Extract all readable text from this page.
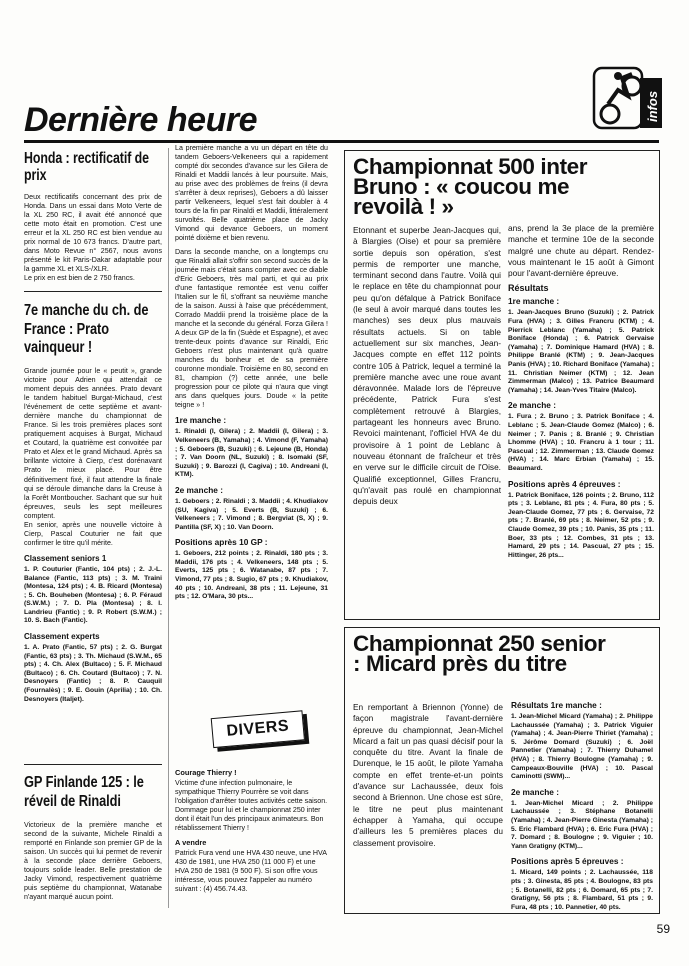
Dernière heure	infos
Honda : rectificatif de prix
Deux rectificatifs concernant des prix de Honda. Dans un essai dans Moto Verte de la XL 250 RC, il avait été annoncé que cette moto était en promotion. C'est une erreur et la XL 250 RC est bien vendue au prix normal de 10 673 francs. D'autre part, dans Moto Revue n° 2567, nous avons présenté le kit Paris-Dakar adaptable pour la gamme XL et XLS-/XLR.
Le prix en est bien de 2 750 francs.
7e manche du ch. de France : Prato vainqueur !
Grande journée pour le « peutit », grande victoire pour Adrien qui attendait ce moment depuis des années. Prato devant le tandem habituel Burgat-Michaud, c'est l'événement de cette septième et avant-dernière manche du championnat de France. Si les trois premières places sont pratiquement acquises à Burgat, Michaud et Coutard, la quatrième est convoitée par Prato et Alex et le grand Michaud. Après sa brillante victoire à Cierp, c'est dorénavant Prato le mieux placé. Pour être définitivement fixé, il faut attendre la finale qui se déroule dimanche dans la Creuse à la Forêt Montboucher. Sachant que sur huit épreuves, seuls les sept meilleures comptent.
En senior, après une nouvelle victoire à Cierp, Pascal Couturier ne fait que confirmer le titre qu'il mérite.
Classement seniors 1
1. P. Couturier (Fantic, 104 pts) ; 2. J.-L. Balance (Fantic, 113 pts) ; 3. M. Traini (Montesa, 124 pts) ; 4. B. Ricard (Montesa) ; 5. Ch. Bouheben (Montesa) ; 6. P. Féraud (S.W.M.) ; 7. D. Pla (Montesa) ; 8. I. Landrieu (Fantic) ; 9. P. Robert (S.W.M.) ; 10. S. Bach (Fantic).
Classement experts
1. A. Prato (Fantic, 57 pts) ; 2. G. Burgat (Fantic, 63 pts) ; 3. Th. Michaud (S.W.M., 65 pts) ; 4. Ch. Alex (Bultaco) ; 5. F. Michaud (Bultaco) ; 6. Ch. Coutard (Bultaco) ; 7. N. Desnoyers (Fantic) ; 8. P. Cauquil (Fournalès) ; 9. E. Gouin (Aprilia) ; 10. Ch. Desnoyers (Italjet).
GP Finlande 125 : le réveil de Rinaldi
Victorieux de la première manche et second de la suivante, Michele Rinaldi a remporté en Finlande son premier GP de la saison. Un succès qui lui permet de revenir à la seconde place derrière Geboers, toujours solide leader. Belle prestation de Jacky Vimond, respectivement quatrième puis septième du championnat, Watanabe n'ayant marqué aucun point.
La première manche a vu un départ en tête du tandem Geboers-Velkeneers qui a rapidement compté dix secondes d'avance sur les Gilera de Rinaldi et Maddii lancés à leur poursuite. Mais, au prise avec des problèmes de freins (il devra s'arrêter à deux reprises), Geboers a dû laisser partir Velkeneers, lequel s'est fait doubler à 4 tours de la fin par Rinaldi et Maddii, littéralement survoltés. Belle quatrième place de Jacky Vimond qui devance Geboers, un moment pointé dixième et bien revenu.
Dans la seconde manche, on a longtemps cru que Rinaldi allait s'offrir son second succès de la journée mais c'était sans compter avec ce diable d'Eric Geboers, très mal parti, et qui au prix d'une fantastique remontée est venu coiffer l'Italien sur le fil, s'offrant sa neuvième manche de la saison. Aussi à l'aise que précédemment, Corrado Maddii prend la troisième place de la manche et la seconde du général. Forza Gilera ! A deux GP de la fin (Suède et Espagne), et avec trente-deux points d'avance sur Rinaldi, Eric Geboers n'est plus maintenant qu'à quatre manches du bonheur et de sa première couronne mondiale. Troisième en 80, second en 81, champion (?) cette année, une belle progression pour ce pilote qui n'aura que vingt ans dans quelques jours. Doude « la petite teigne » !
1re manche :
1. Rinaldi (I, Gilera) ; 2. Maddii (I, Gilera) ; 3. Velkeneers (B, Yamaha) ; 4. Vimond (F, Yamaha) ; 5. Geboers (B, Suzuki) ; 6. Lejeune (B, Honda) ; 7. Van Doorn (NL, Suzuki) ; 8. Isomaki (SF, Suzuki) ; 9. Barozzi (I, Cagiva) ; 10. Andreani (I, KTM).
2e manche :
1. Geboers ; 2. Rinaldi ; 3. Maddii ; 4. Khudiakov (SU, Kagiva) ; 5. Everts (B, Suzuki) ; 6. Velkeneers ; 7. Vimond ; 8. Bergviat (S, X) ; 9. Pantilla (SF, X) ; 10. Van Doorn.
Positions après 10 GP :
1. Geboers, 212 points ; 2. Rinaldi, 180 pts ; 3. Maddii, 176 pts ; 4. Velkeneers, 148 pts ; 5. Everts, 125 pts ; 6. Watanabe, 87 pts ; 7. Vimond, 77 pts ; 8. Sugio, 67 pts ; 9. Khudiakov, 40 pts ; 10. Andreani, 38 pts ; 11. Lejeune, 31 pts ; 12. O'Mara, 30 pts...
DIVERS
Courage Thierry !
Victime d'une infection pulmonaire, le sympathique Thierry Pourrère se voit dans l'obligation d'arrêter toutes activités cette saison. Dommage pour lui et le championnat 250 inter dont il était l'un des principaux animateurs. Bon rétablissement Thierry !
A vendre
Patrick Fura vend une HVA 430 neuve, une HVA 430 de 1981, une HVA 250 (11 000 F) et une HVA 250 de 1981 (9 500 F). Si son offre vous intéresse, vous pouvez l'appeler au numéro suivant : (4) 456.74.43.
Championnat 500 inter Bruno : « coucou me revoilà ! »
Etonnant et superbe Jean-Jacques qui, à Blargies (Oise) et pour sa première sortie depuis son opération, s'est permis de remporter une manche, terminant second dans l'autre. Voilà qui le replace en tête du championnat pour peu qu'on défalque à Patrick Boniface (le seul à avoir marqué dans toutes les manches) ses deux plus mauvais résultats actuels. Si on table actuellement sur six manches, Jean-Jacques compte en effet 112 points contre 105 à Patrick, lequel a terminé la première manche avec une roue avant déravonnée. Malade lors de l'épreuve précédente, Patrick Fura s'est complètement retrouvé à Blargies, partageant les honneurs avec Bruno. Revoici maintenant, l'officiel HVA 4e du provisoire à 1 point de Leblanc à nouveau étonnant de fraîcheur et très en verve sur le difficile circuit de l'Oise. Qualifié exceptionnel, Gilles Francru, qu'n'avait pas roulé en championnat depuis deux
ans, prend la 3e place de la première manche et termine 10e de la seconde malgré une chute au départ. Rendez-vous maintenant le 15 août à Gimont pour l'avant-dernière épreuve.
Résultats
1re manche :
1. Jean-Jacques Bruno (Suzuki) ; 2. Patrick Fura (HVA) ; 3. Gilles Francru (KTM) ; 4. Pierrick Leblanc (Yamaha) ; 5. Patrick Boniface (Honda) ; 6. Patrick Gervaise (Yamaha) ; 7. Dominique Hamard (HVA) ; 8. Philippe Branlé (KTM) ; 9. Jean-Jacques Panis (HVA) ; 10. Richard Boniface (Yamaha) ; 11. Christian Neimer (KTM) ; 12. Jean Zimmerman (Malco) ; 13. Patrice Beaumard (Yamaha) ; 14. Jean-Yves Titaire (Malco).
2e manche :
1. Fura ; 2. Bruno ; 3. Patrick Boniface ; 4. Leblanc ; 5. Jean-Claude Gomez (Malco) ; 6. Neimer ; 7. Panis ; 8. Branlé ; 9. Christian Lhomme (HVA) ; 10. Francru à 1 tour ; 11. Pascual ; 12. Zimmerman ; 13. Claude Gomez (HVA) ; 14. Marc Erbian (Yamaha) ; 15. Beaumard.
Positions après 4 épreuves :
1. Patrick Boniface, 126 points ; 2. Bruno, 112 pts ; 3. Leblanc, 81 pts ; 4. Fura, 80 pts ; 5. Jean-Claude Gomez, 77 pts ; 6. Gervaise, 72 pts ; 7. Branlé, 69 pts ; 8. Neimer, 52 pts ; 9. Claude Gomez, 39 pts ; 10. Panis, 35 pts ; 11. Boer, 33 pts ; 12. Combes, 31 pts ; 13. Hamard, 29 pts ; 14. Pascual, 27 pts ; 15. Hittinger, 26 pts...
Championnat 250 senior : Micard près du titre
En remportant à Briennon (Yonne) de façon magistrale l'avant-dernière épreuve du championnat, Jean-Michel Micard a fait un pas quasi décisif pour la conquête du titre. Avant la finale de Durenque, le 15 août, le pilote Yamaha compte en effet trente-et-un points d'avance sur Lachaussée, deux fois second à Briennon. Une chose est sûre, le titre ne peut plus maintenant échapper à Yamaha, qui occupe d'ailleurs les 5 premières places du classement provisoire.
Résultats 1re manche :
1. Jean-Michel Micard (Yamaha) ; 2. Philippe Lachaussée (Yamaha) ; 3. Patrick Viguier (Yamaha) ; 4. Jean-Pierre Thiriet (Yamaha) ; 5. Jérôme Domard (Suzuki) ; 6. Joël Pannetier (Yamaha) ; 7. Thierry Duhamel (HVA) ; 8. Thierry Boulogne (Yamaha) ; 9. Campeaux-Bouville (HVA) ; 10. Pascal Caminotti (SWM)...
2e manche :
1. Jean-Michel Micard ; 2. Philippe Lachaussée ; 3. Stéphane Botanelli (Yamaha) ; 4. Jean-Pierre Ginesta (Yamaha) ; 5. Eric Flambard (HVA) ; 6. Eric Fura (HVA) ; 7. Domard ; 8. Boulogne ; 9. Viguier ; 10. Yann Gratigny (KTM)...
Positions après 5 épreuves :
1. Micard, 149 points ; 2. Lachaussée, 118 pts ; 3. Ginesta, 85 pts ; 4. Boulogne, 83 pts ; 5. Botanelli, 82 pts ; 6. Domard, 65 pts ; 7. Gratigny, 56 pts ; 8. Flambard, 51 pts ; 9. Fura, 48 pts ; 10. Pannetier, 40 pts.
59
